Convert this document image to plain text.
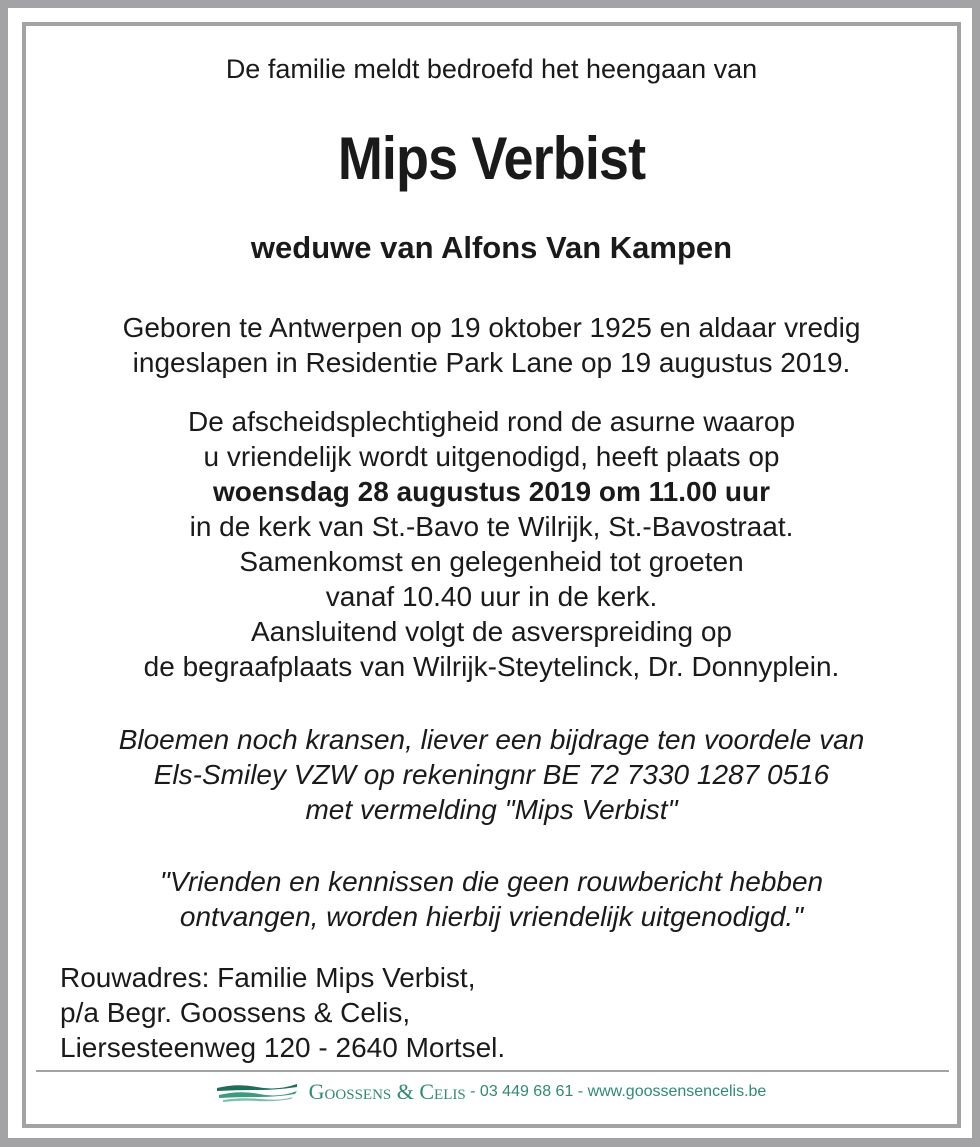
De familie meldt bedroefd het heengaan van

Mips Verbist

weduwe van Alfons Van Kampen

Geboren te Antwerpen op 19 oktober 1925 en aldaar vredig

ingeslapen in Residentie Park Lane op 19 augustus 2019.

De afscheidsplechtigheid rond de asurne waarop

u vriendelijk wordt uitgenodigd, heeft plaats op

woensdag 28 augustus 2019 om 11.00 uur

in de kerk van St.-Bavo te Wilrijk, St.-Bavostraat.

Samenkomst en gelegenheid tot groeten

vanaf 10.40 uur in de kerk.

Aansluitend volgt de asverspreiding op

de begraafplaats van Wilrijk-Steytelinck, Dr. Donnyplein.

Bloemen noch kransen, liever een bijdrage ten voordele van

Els-Smiley VZW op rekeningnr BE 72 7330 1287 0516

met vermelding "Mips Verbist"

"Vrienden en kennissen die geen rouwbericht hebben

ontvangen, worden hierbij vriendelijk uitgenodigd."

Rouwadres: Familie Mips Verbist,

p/a Begr. Goossens & Celis,

Liersesteenweg 120 - 2640 Mortsel.

Goossens & Celis - 03 449 68 61 - www.goossensencelis.be
